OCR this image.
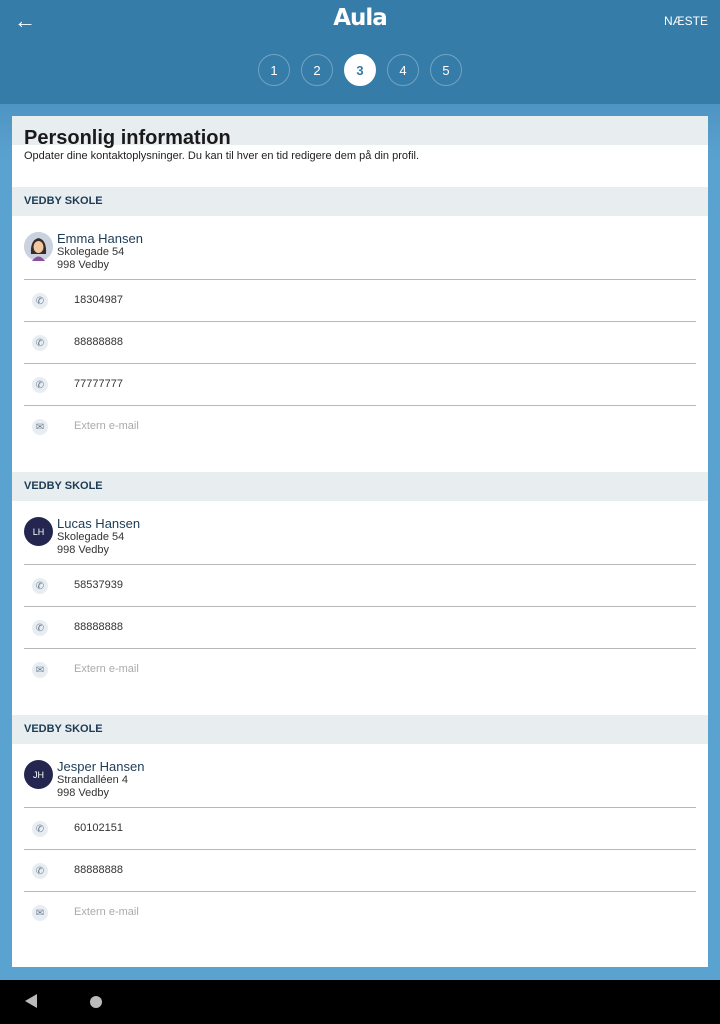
←	Aula	NÆSTE
1	2	3	4	5
Personlig information
Opdater dine kontaktoplysninger. Du kan til hver en tid redigere dem på din profil.
VEDBY SKOLE
Emma Hansen
Skolegade 54
998 Vedby
✆	18304987
✆	88888888
✆	77777777
✉	Extern e-mail
VEDBY SKOLE
LH
Lucas Hansen
Skolegade 54
998 Vedby
✆	58537939
✆	88888888
✉	Extern e-mail
VEDBY SKOLE
JH
Jesper Hansen
Strandalléen 4
998 Vedby
✆	60102151
✆	88888888
✉	Extern e-mail
